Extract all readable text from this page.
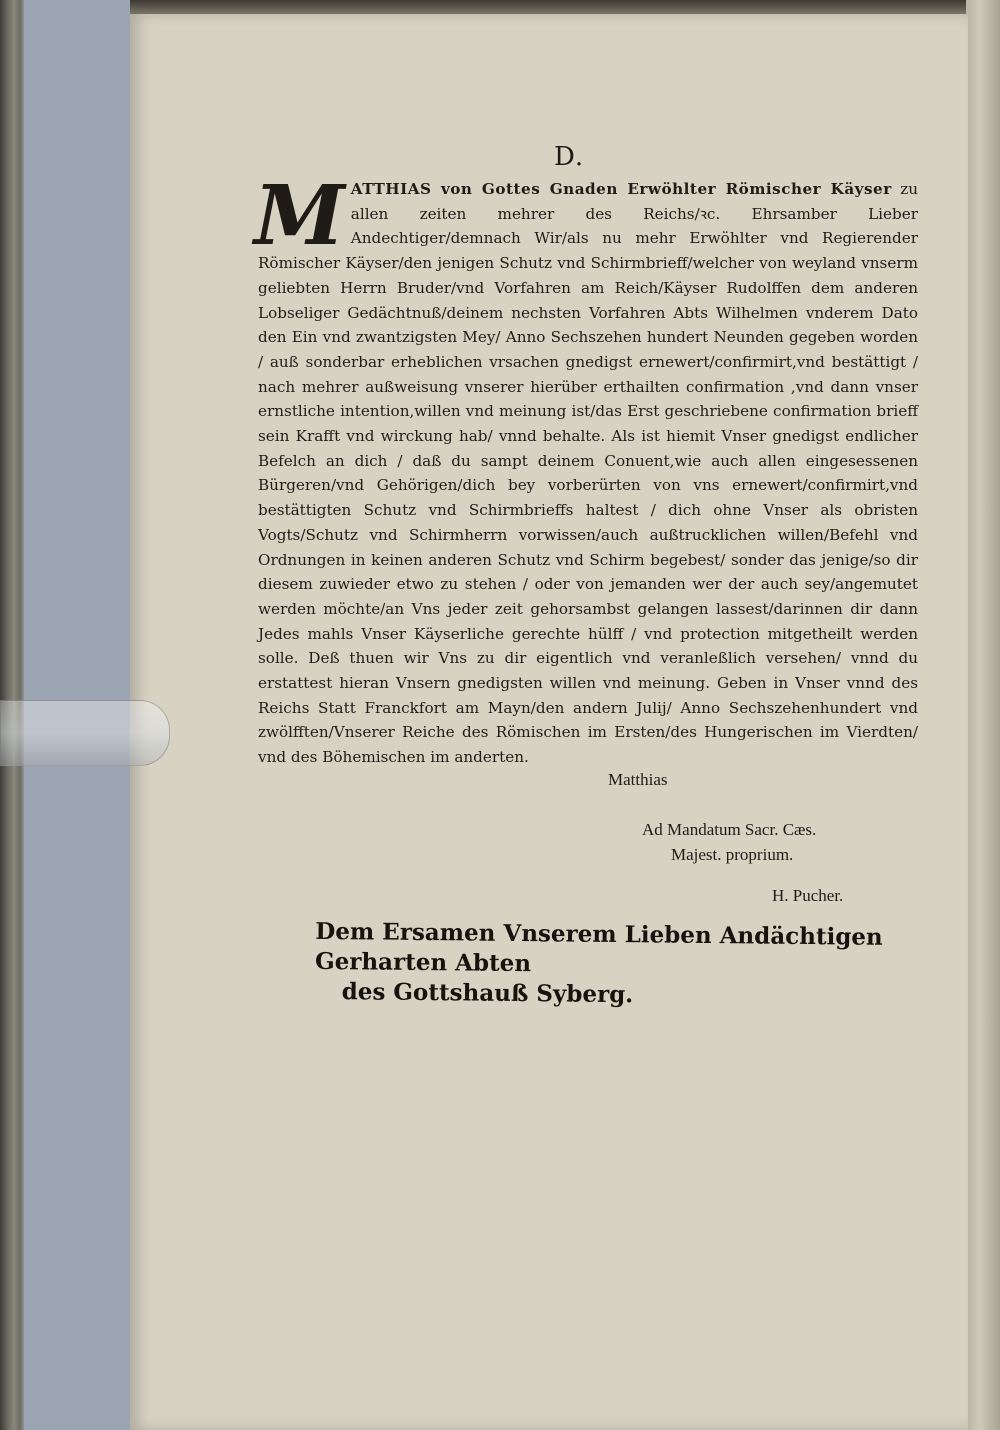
D.
M ATTHIAS von Gottes Gnaden Erwöhlter Römischer Käyser zu allen zeiten mehrer des Reichs/ꝛc. Ehrsamber Lieber Andechtiger/demnach Wir/als nu mehr Erwöhlter vnd Regierender Römischer Käyser/den jenigen Schutz vnd Schirmbrieff/welcher von weyland vnserm geliebten Herrn Bruder/vnd Vorfahren am Reich/Käyser Rudolffen dem anderen Lobseliger Gedächtnuß/deinem nechsten Vorfahren Abts Wilhelmen vnderem Dato den Ein vnd zwantzigsten Mey/ Anno Sechszehen hundert Neunden gegeben worden / auß sonderbar erheblichen vrsachen gnedigst ernewert/confirmirt,vnd bestättigt / nach mehrer außweisung vnserer hierüber erthailten confirmation ,vnd dann vnser ernstliche intention,willen vnd meinung ist/das Erst geschriebene confirmation brieff sein Krafft vnd wirckung hab/ vnnd behalte. Als ist hiemit Vnser gnedigst endlicher Befelch an dich / daß du sampt deinem Conuent,wie auch allen eingesessenen Bürgeren/vnd Gehörigen/dich bey vorberürten von vns ernewert/confirmirt,vnd bestättigten Schutz vnd Schirmbrieffs haltest / dich ohne Vnser als obristen Vogts/Schutz vnd Schirmherrn vorwissen/auch außtrucklichen willen/Befehl vnd Ordnungen in keinen anderen Schutz vnd Schirm begebest/ sonder das jenige/so dir diesem zuwieder etwo zu stehen / oder von jemanden wer der auch sey/angemutet werden möchte/an Vns jeder zeit gehorsambst gelangen lassest/darinnen dir dann Jedes mahls Vnser Käyserliche gerechte hülff / vnd protection mitgetheilt werden solle. Deß thuen wir Vns zu dir eigentlich vnd veranleßlich versehen/ vnnd du erstattest hieran Vnsern gnedigsten willen vnd meinung. Geben in Vnser vnnd des Reichs Statt Franckfort am Mayn/den andern Julij/ Anno Sechszehenhundert vnd zwölfften/Vnserer Reiche des Römischen im Ersten/des Hungerischen im Vierdten/ vnd des Böhemischen im anderten.
Matthias
Ad Mandatum Sacr. Cæs.
Majest. proprium.
H. Pucher.
Dem Ersamen Vnserem Lieben Andächtigen Gerharten Abten
des Gottshauß Syberg.
